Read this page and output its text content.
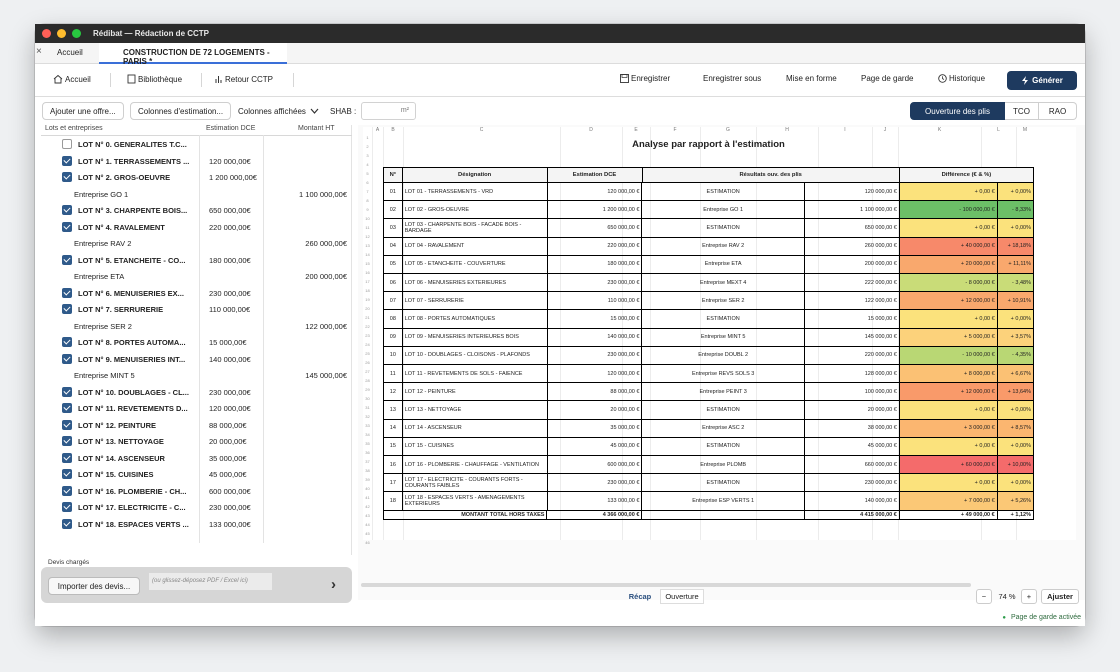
Rédibat — Rédaction de CCTP
× Accueil	CONSTRUCTION DE 72 LOGEMENTS - PARIS *
Accueil	Bibliothèque	Retour CCTP	Enregistrer	Enregistrer sous	Mise en forme	Page de garde	Historique	Générer
Ajouter une offre...	Colonnes d'estimation...	Colonnes affichées	SHAB :	m²	Ouverture des plis	TCO	RAO
Lots et entreprises	Estimation DCE	Montant HT
LOT N° 0. GENERALITES T.C...
LOT N° 1. TERRASSEMENTS ...	120 000,00€
LOT N° 2. GROS-OEUVRE	1 200 000,00€
Entreprise GO 1	1 100 000,00€
LOT N° 3. CHARPENTE BOIS...	650 000,00€
LOT N° 4. RAVALEMENT	220 000,00€
Entreprise RAV 2	260 000,00€
LOT N° 5. ETANCHEITE - CO...	180 000,00€
Entreprise ETA	200 000,00€
LOT N° 6. MENUISERIES EX...	230 000,00€
LOT N° 7. SERRURERIE	110 000,00€
Entreprise SER 2	122 000,00€
LOT N° 8. PORTES AUTOMA...	15 000,00€
LOT N° 9. MENUISERIES INT...	140 000,00€
Entreprise MINT 5	145 000,00€
LOT N° 10. DOUBLAGES - CL...	230 000,00€
LOT N° 11. REVETEMENTS D...	120 000,00€
LOT N° 12. PEINTURE	88 000,00€
LOT N° 13. NETTOYAGE	20 000,00€
LOT N° 14. ASCENSEUR	35 000,00€
LOT N° 15. CUISINES	45 000,00€
LOT N° 16. PLOMBERIE - CH...	600 000,00€
LOT N° 17. ELECTRICITE - C...	230 000,00€
LOT N° 18. ESPACES VERTS ...	133 000,00€
Devis chargés
Importer des devis...
(ou glissez-déposez PDF / Excel ici)	›
A	B	C	D	E	F	G	H	I	J	K	L	M
1
2
3
4
5
6
7
8
9
10
11
12
13
14
15
16
17
18
19
20
21
22
23
24
25
26
27
28
29
30
31
32
33
34
35
36
37
38
39
40
41
42
43
44
45
46
Analyse par rapport à l'estimation
N°	Désignation	Estimation DCE	Résultats ouv. des plis	Différence (€ & %)
01	LOT 01 - TERRASSEMENTS - VRD	120 000,00 €	ESTIMATION	120 000,00 €	+ 0,00 €	+ 0,00%
02	LOT 02 - GROS-OEUVRE	1 200 000,00 €	Entreprise GO 1	1 100 000,00 €	- 100 000,00 €	- 8,33%
03	LOT 03 - CHARPENTE BOIS - FACADE BOIS - BARDAGE	650 000,00 €	ESTIMATION	650 000,00 €	+ 0,00 €	+ 0,00%
04	LOT 04 - RAVALEMENT	220 000,00 €	Entreprise RAV 2	260 000,00 €	+ 40 000,00 €	+ 18,18%
05	LOT 05 - ETANCHEITE - COUVERTURE	180 000,00 €	Entreprise ETA	200 000,00 €	+ 20 000,00 €	+ 11,11%
06	LOT 06 - MENUISERIES EXTERIEURES	230 000,00 €	Entreprise MEXT 4	222 000,00 €	- 8 000,00 €	- 3,48%
07	LOT 07 - SERRURERIE	110 000,00 €	Entreprise SER 2	122 000,00 €	+ 12 000,00 €	+ 10,91%
08	LOT 08 - PORTES AUTOMATIQUES	15 000,00 €	ESTIMATION	15 000,00 €	+ 0,00 €	+ 0,00%
09	LOT 09 - MENUISERIES INTERIEURES BOIS	140 000,00 €	Entreprise MINT 5	145 000,00 €	+ 5 000,00 €	+ 3,57%
10	LOT 10 - DOUBLAGES - CLOISONS - PLAFONDS	230 000,00 €	Entreprise DOUBL 2	220 000,00 €	- 10 000,00 €	- 4,35%
11	LOT 11 - REVETEMENTS DE SOLS - FAIENCE	120 000,00 €	Entreprise REVS SOLS 3	128 000,00 €	+ 8 000,00 €	+ 6,67%
12	LOT 12 - PEINTURE	88 000,00 €	Entreprise PEINT 3	100 000,00 €	+ 12 000,00 €	+ 13,64%
13	LOT 13 - NETTOYAGE	20 000,00 €	ESTIMATION	20 000,00 €	+ 0,00 €	+ 0,00%
14	LOT 14 - ASCENSEUR	35 000,00 €	Entreprise ASC 2	38 000,00 €	+ 3 000,00 €	+ 8,57%
15	LOT 15 - CUISINES	45 000,00 €	ESTIMATION	45 000,00 €	+ 0,00 €	+ 0,00%
16	LOT 16 - PLOMBERIE - CHAUFFAGE - VENTILATION	600 000,00 €	Entreprise PLOMB	660 000,00 €	+ 60 000,00 €	+ 10,00%
17	LOT 17 - ELECTRICITE - COURANTS FORTS - COURANTS FAIBLES	230 000,00 €	ESTIMATION	230 000,00 €	+ 0,00 €	+ 0,00%
18	LOT 18 - ESPACES VERTS - AMENAGEMENTS EXTERIEURS	133 000,00 €	Entreprise ESP VERTS 1	140 000,00 €	+ 7 000,00 €	+ 5,26%
MONTANT TOTAL HORS TAXES	4 366 000,00 €	4 415 000,00 €	+ 49 000,00 €	+ 1,12%
Récap	Ouverture	−	74 %	+	Ajuster
● Page de garde activée
